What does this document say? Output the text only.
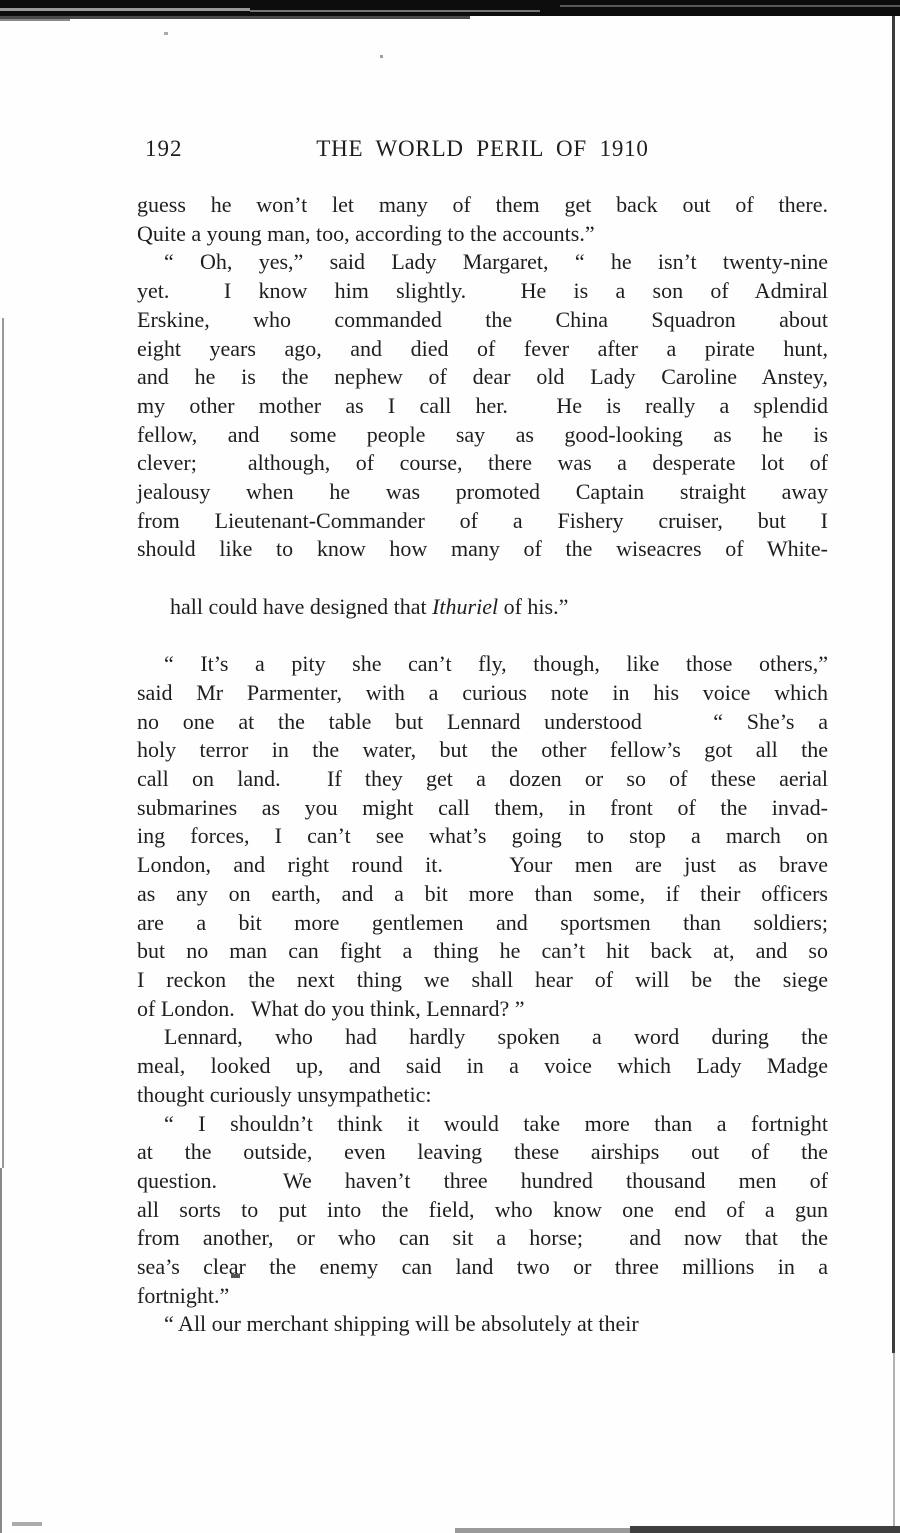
192	THE WORLD PERIL OF 1910
guess he won’t let many of them get back out of there.
Quite a young man, too, according to the accounts.”
“ Oh, yes,” said Lady Margaret, “ he isn’t twenty-nine
yet.  I know him slightly.  He is a son of Admiral
Erskine, who commanded the China Squadron about
eight years ago, and died of fever after a pirate hunt,
and he is the nephew of dear old Lady Caroline Anstey,
my other mother as I call her.  He is really a splendid
fellow, and some people say as good-looking as he is
clever;  although, of course, there was a desperate lot of
jealousy when he was promoted Captain straight away
from Lieutenant-Commander of a Fishery cruiser, but I
should like to know how many of the wiseacres of White-

hall could have designed that Ithuriel of his.”

“ It’s a pity she can’t fly, though, like those others,”
said Mr Parmenter, with a curious note in his voice which
no one at the table but Lennard understood   “ She’s a
holy terror in the water, but the other fellow’s got all the
call on land.  If they get a dozen or so of these aerial
submarines as you might call them, in front of the invad-
ing forces, I can’t see what’s going to stop a march on
London, and right round it.   Your men are just as brave
as any on earth, and a bit more than some, if their officers
are a bit more gentlemen and sportsmen than soldiers;
but no man can fight a thing he can’t hit back at, and so
I reckon the next thing we shall hear of will be the siege
of London.   What do you think, Lennard? ”
Lennard, who had hardly spoken a word during the
meal, looked up, and said in a voice which Lady Madge
thought curiously unsympathetic:
“ I shouldn’t think it would take more than a fortnight
at the outside, even leaving these airships out of the
question.  We haven’t three hundred thousand men of
all sorts to put into the field, who know one end of a gun
from another, or who can sit a horse;  and now that the
sea’s clear the enemy can land two or three millions in a
fortnight.”
“ All our merchant shipping will be absolutely at their
